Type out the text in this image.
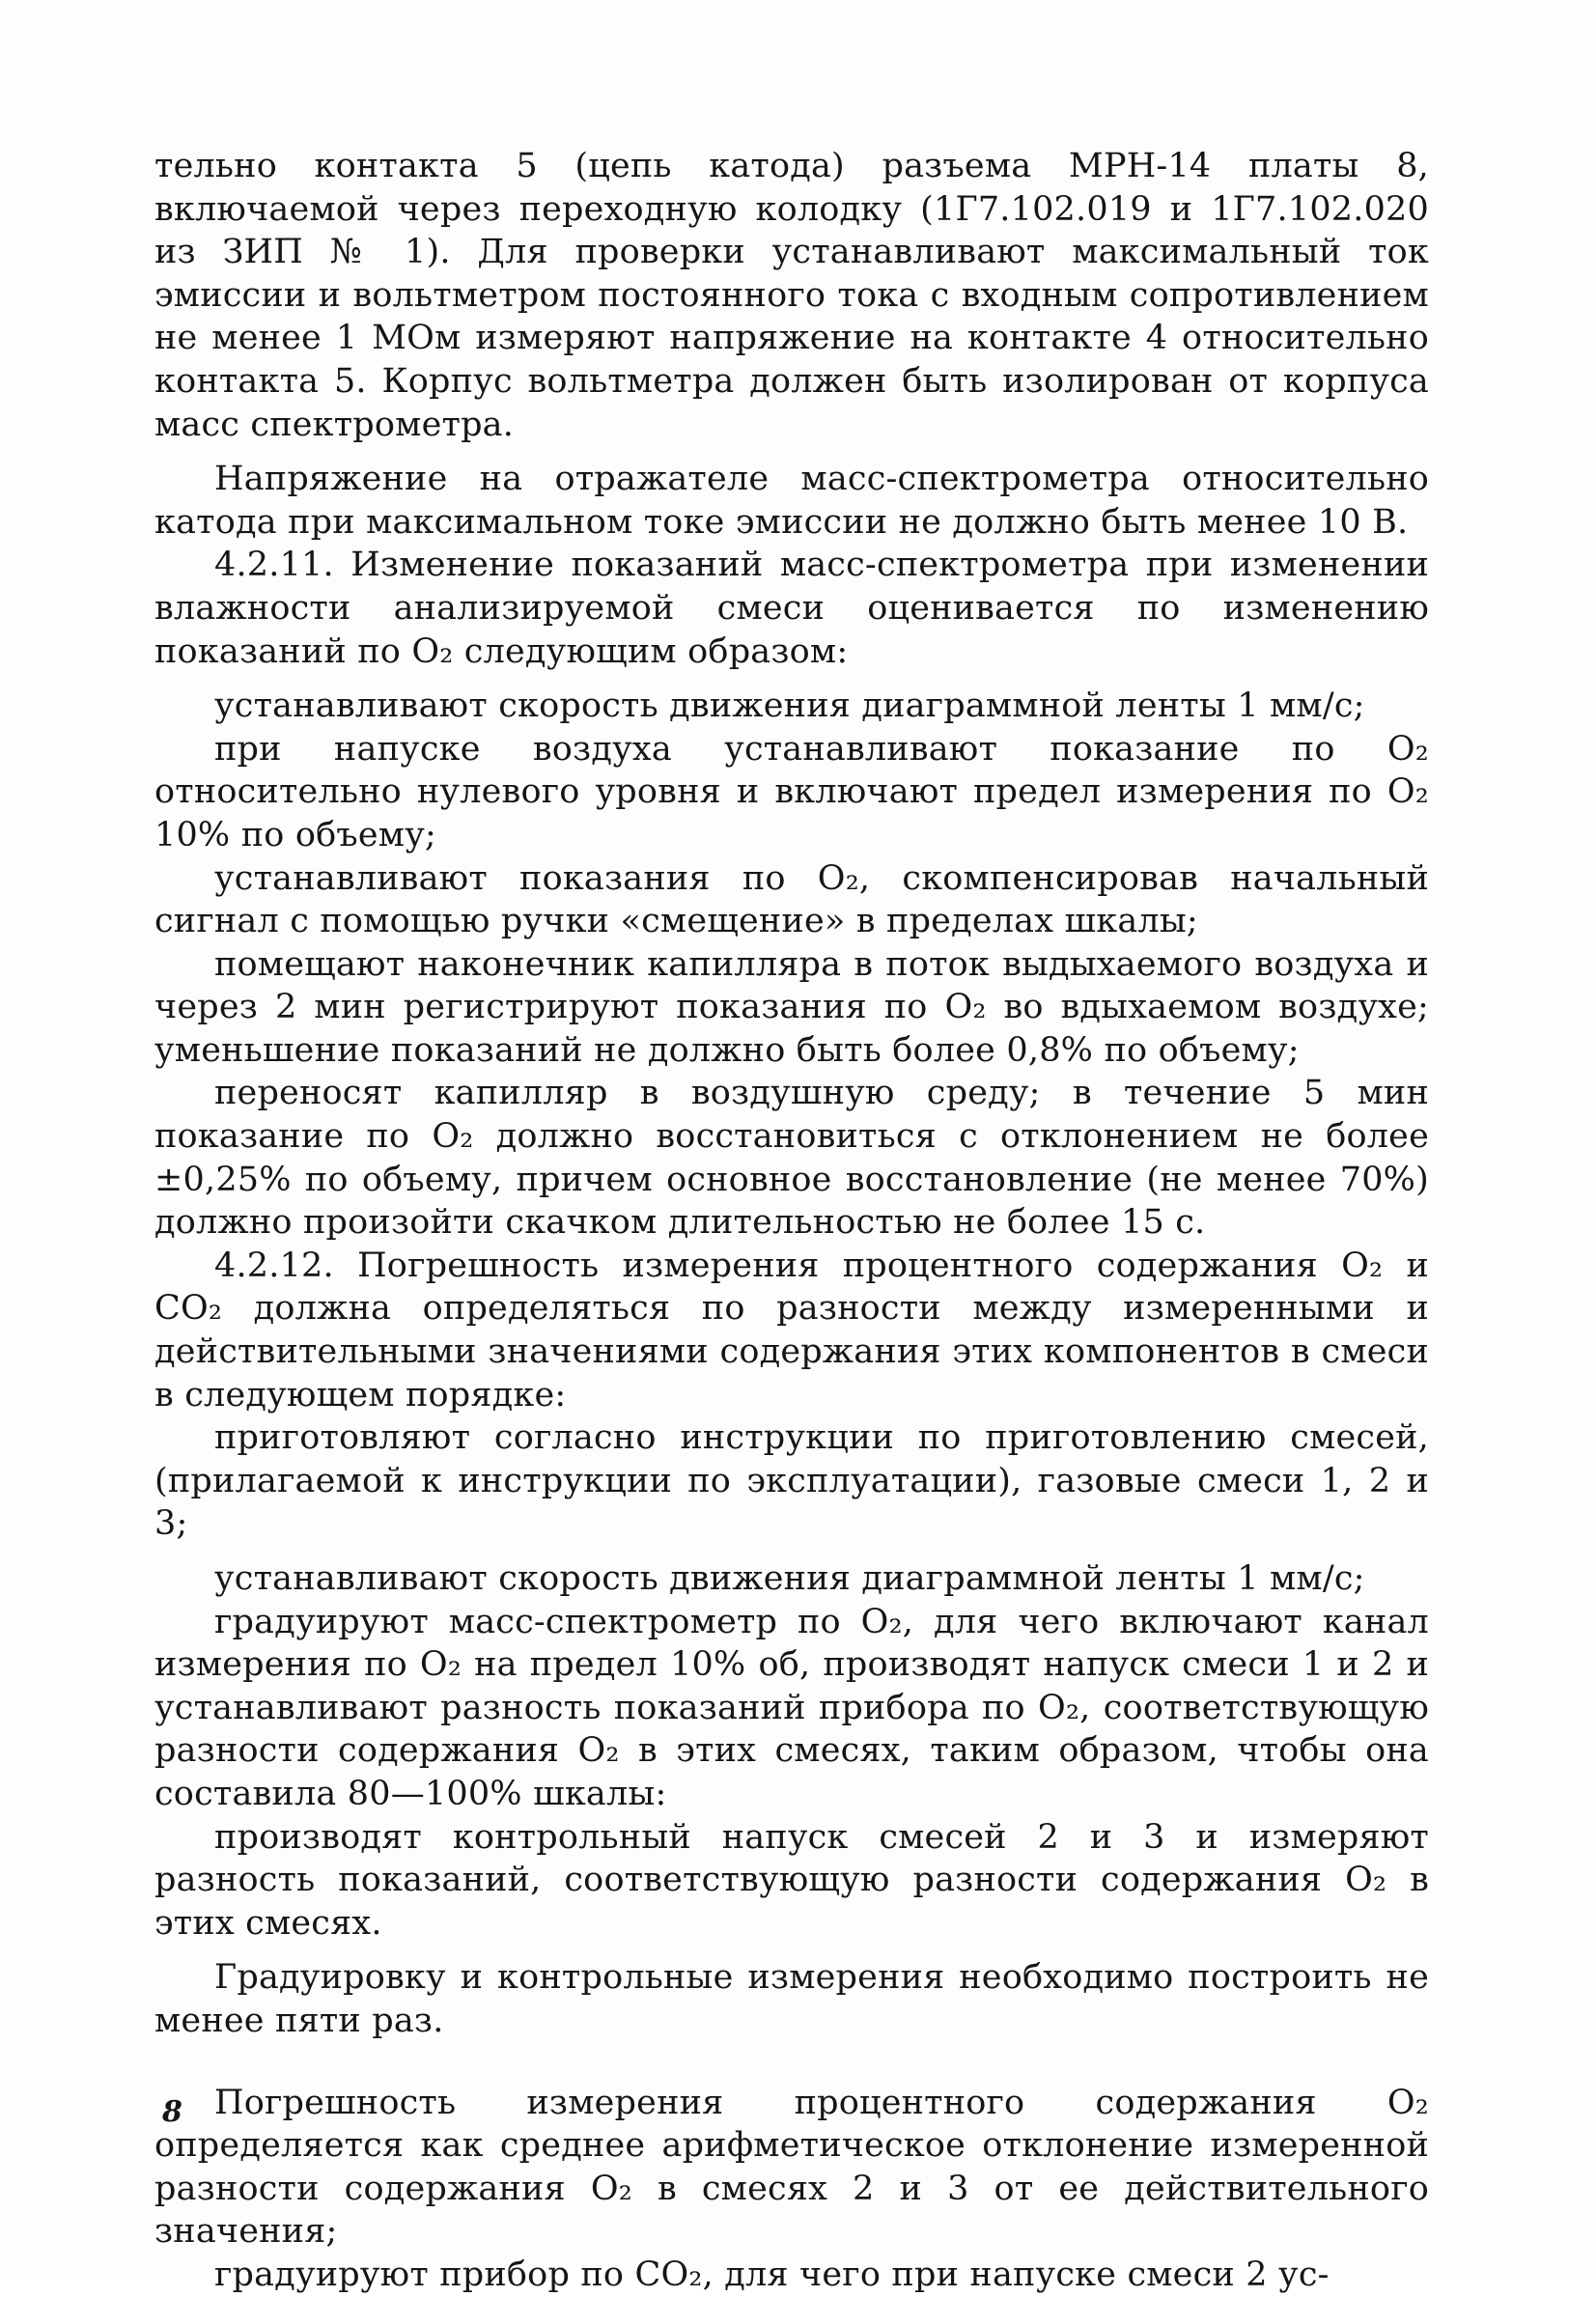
тельно контакта 5 (цепь катода) разъема МРН-14 платы 8, включаемой через переходную колодку (1Г7.102.019 и 1Г7.102.020 из ЗИП № 1). Для проверки устанавливают максимальный ток эмиссии и вольтметром постоянного тока с входным сопротивлением не менее 1 МОм измеряют напряжение на контакте 4 относительно контакта 5. Корпус вольтметра должен быть изолирован от корпуса масс спектрометра.

Напряжение на отражателе масс-спектрометра относительно катода при максимальном токе эмиссии не должно быть менее 10 В.

4.2.11. Изменение показаний масс-спектрометра при изменении влажности анализируемой смеси оценивается по изменению показаний по O₂ следующим образом:

устанавливают скорость движения диаграммной ленты 1 мм/с;

при напуске воздуха устанавливают показание по O₂ относительно нулевого уровня и включают предел измерения по O₂ 10% по объему;

устанавливают показания по O₂, скомпенсировав начальный сигнал с помощью ручки «смещение» в пределах шкалы;

помещают наконечник капилляра в поток выдыхаемого воздуха и через 2 мин регистрируют показания по O₂ во вдыхаемом воздухе; уменьшение показаний не должно быть более 0,8% по объему;

переносят капилляр в воздушную среду; в течение 5 мин показание по O₂ должно восстановиться с отклонением не более ±0,25% по объему, причем основное восстановление (не менее 70%) должно произойти скачком длительностью не более 15 с.

4.2.12. Погрешность измерения процентного содержания O₂ и CO₂ должна определяться по разности между измеренными и действительными значениями содержания этих компонентов в смеси в следующем порядке:

приготовляют согласно инструкции по приготовлению смесей, (прилагаемой к инструкции по эксплуатации), газовые смеси 1, 2 и 3;

устанавливают скорость движения диаграммной ленты 1 мм/с;

градуируют масс-спектрометр по O₂, для чего включают канал измерения по O₂ на предел 10% об, производят напуск смеси 1 и 2 и устанавливают разность показаний прибора по O₂, соответствующую разности содержания O₂ в этих смесях, таким образом, чтобы она составила 80—100% шкалы:

производят контрольный напуск смесей 2 и 3 и измеряют разность показаний, соответствующую разности содержания O₂ в этих смесях.

Градуировку и контрольные измерения необходимо построить не менее пяти раз.

Погрешность измерения процентного содержания O₂ определяется как среднее арифметическое отклонение измеренной разности содержания O₂ в смесях 2 и 3 от ее действительного значения;

градуируют прибор по CO₂, для чего при напуске смеси 2 ус-

8
